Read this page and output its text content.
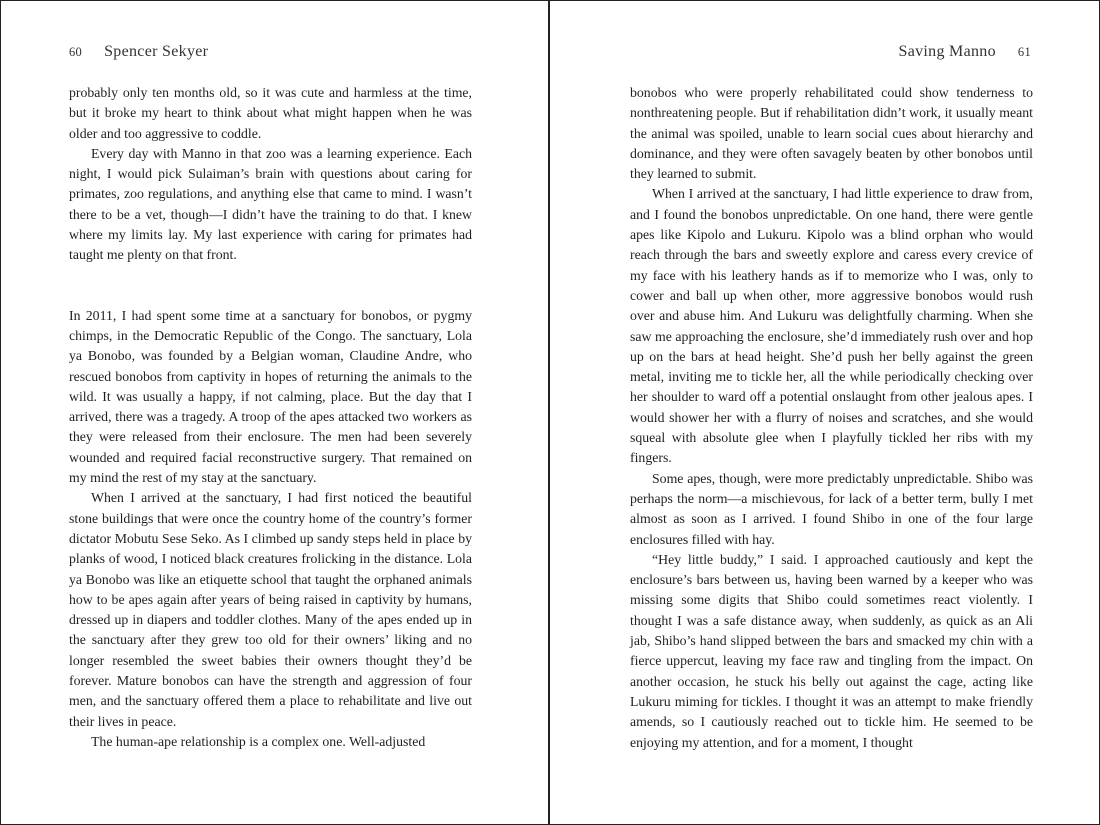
60 Spencer Sekyer

probably only ten months old, so it was cute and harmless at the time, but it broke my heart to think about what might happen when he was older and too aggressive to coddle.

Every day with Manno in that zoo was a learning experience. Each night, I would pick Sulaiman’s brain with questions about caring for primates, zoo regulations, and anything else that came to mind. I wasn’t there to be a vet, though—I didn’t have the training to do that. I knew where my limits lay. My last experience with caring for primates had taught me plenty on that front.

In 2011, I had spent some time at a sanctuary for bonobos, or pygmy chimps, in the Democratic Republic of the Congo. The sanctuary, Lola ya Bonobo, was founded by a Belgian woman, Claudine Andre, who rescued bonobos from captivity in hopes of returning the animals to the wild. It was usually a happy, if not calming, place. But the day that I arrived, there was a tragedy. A troop of the apes attacked two workers as they were released from their enclosure. The men had been severely wounded and required facial reconstructive surgery. That remained on my mind the rest of my stay at the sanctuary.

When I arrived at the sanctuary, I had first noticed the beautiful stone buildings that were once the country home of the country’s former dictator Mobutu Sese Seko. As I climbed up sandy steps held in place by planks of wood, I noticed black creatures frolicking in the distance. Lola ya Bonobo was like an etiquette school that taught the orphaned animals how to be apes again after years of being raised in captivity by humans, dressed up in diapers and toddler clothes. Many of the apes ended up in the sanctuary after they grew too old for their owners’ liking and no longer resembled the sweet babies their owners thought they’d be forever. Mature bonobos can have the strength and aggression of four men, and the sanctuary offered them a place to rehabilitate and live out their lives in peace.

The human-ape relationship is a complex one. Well-adjusted

Saving Manno 61

bonobos who were properly rehabilitated could show tenderness to nonthreatening people. But if rehabilitation didn’t work, it usually meant the animal was spoiled, unable to learn social cues about hierarchy and dominance, and they were often savagely beaten by other bonobos until they learned to submit.

When I arrived at the sanctuary, I had little experience to draw from, and I found the bonobos unpredictable. On one hand, there were gentle apes like Kipolo and Lukuru. Kipolo was a blind orphan who would reach through the bars and sweetly explore and caress every crevice of my face with his leathery hands as if to memorize who I was, only to cower and ball up when other, more aggressive bonobos would rush over and abuse him. And Lukuru was delightfully charming. When she saw me approaching the enclosure, she’d immediately rush over and hop up on the bars at head height. She’d push her belly against the green metal, inviting me to tickle her, all the while periodically checking over her shoulder to ward off a potential onslaught from other jealous apes. I would shower her with a flurry of noises and scratches, and she would squeal with absolute glee when I playfully tickled her ribs with my fingers.

Some apes, though, were more predictably unpredictable. Shibo was perhaps the norm—a mischievous, for lack of a better term, bully I met almost as soon as I arrived. I found Shibo in one of the four large enclosures filled with hay.

“Hey little buddy,” I said. I approached cautiously and kept the enclosure’s bars between us, having been warned by a keeper who was missing some digits that Shibo could sometimes react violently. I thought I was a safe distance away, when suddenly, as quick as an Ali jab, Shibo’s hand slipped between the bars and smacked my chin with a fierce uppercut, leaving my face raw and tingling from the impact. On another occasion, he stuck his belly out against the cage, acting like Lukuru miming for tickles. I thought it was an attempt to make friendly amends, so I cautiously reached out to tickle him. He seemed to be enjoying my attention, and for a moment, I thought
